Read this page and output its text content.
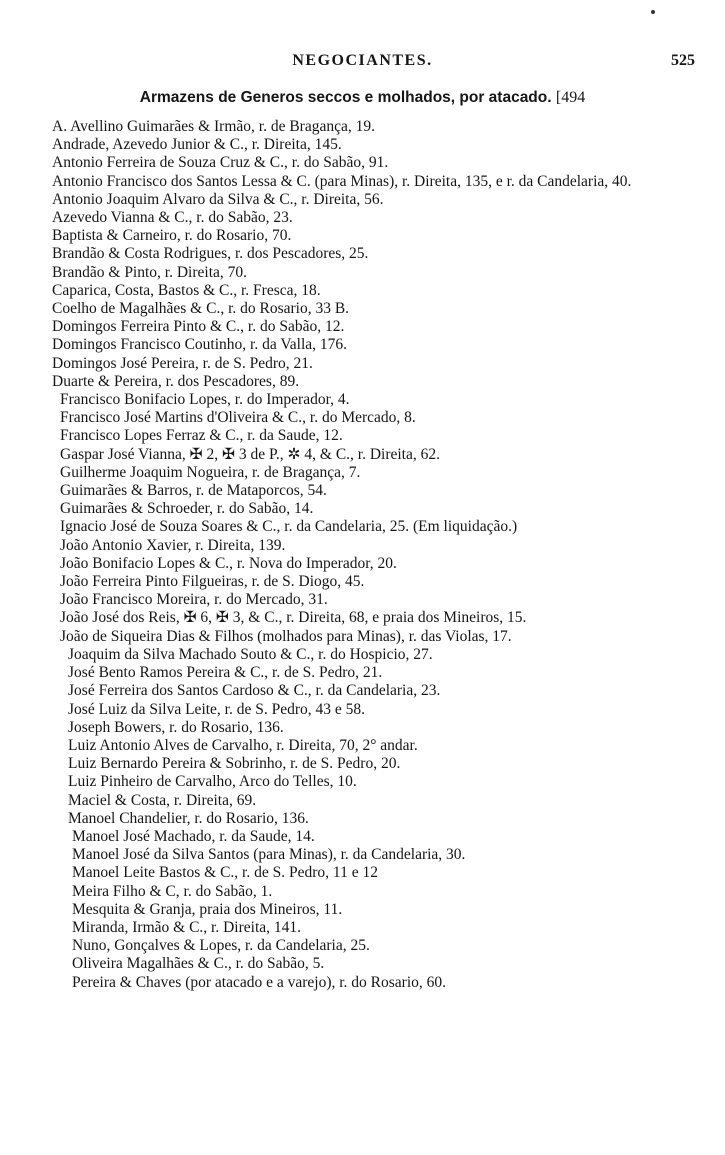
NEGOCIANTES.	525
Armazens de Generos seccos e molhados, por atacado. [494
A. Avellino Guimarães & Irmão, r. de Bragança, 19.
Andrade, Azevedo Junior & C., r. Direita, 145.
Antonio Ferreira de Souza Cruz & C., r. do Sabão, 91.
Antonio Francisco dos Santos Lessa & C. (para Minas), r. Direita, 135, e r. da Candelaria, 40.
Antonio Joaquim Alvaro da Silva & C., r. Direita, 56.
Azevedo Vianna & C., r. do Sabão, 23.
Baptista & Carneiro, r. do Rosario, 70.
Brandão & Costa Rodrigues, r. dos Pescadores, 25.
Brandão & Pinto, r. Direita, 70.
Caparica, Costa, Bastos & C., r. Fresca, 18.
Coelho de Magalhães & C., r. do Rosario, 33 B.
Domingos Ferreira Pinto & C., r. do Sabão, 12.
Domingos Francisco Coutinho, r. da Valla, 176.
Domingos José Pereira, r. de S. Pedro, 21.
Duarte & Pereira, r. dos Pescadores, 89.
Francisco Bonifacio Lopes, r. do Imperador, 4.
Francisco José Martins d'Oliveira & C., r. do Mercado, 8.
Francisco Lopes Ferraz & C., r. da Saude, 12.
Gaspar José Vianna, ✠ 2, ✠ 3 de P., ✲ 4, & C., r. Direita, 62.
Guilherme Joaquim Nogueira, r. de Bragança, 7.
Guimarães & Barros, r. de Mataporcos, 54.
Guimarães & Schroeder, r. do Sabão, 14.
Ignacio José de Souza Soares & C., r. da Candelaria, 25. (Em liquidação.)
João Antonio Xavier, r. Direita, 139.
João Bonifacio Lopes & C., r. Nova do Imperador, 20.
João Ferreira Pinto Filgueiras, r. de S. Diogo, 45.
João Francisco Moreira, r. do Mercado, 31.
João José dos Reis, ✠ 6, ✠ 3, & C., r. Direita, 68, e praia dos Mineiros, 15.
João de Siqueira Dias & Filhos (molhados para Minas), r. das Violas, 17.
Joaquim da Silva Machado Souto & C., r. do Hospicio, 27.
José Bento Ramos Pereira & C., r. de S. Pedro, 21.
José Ferreira dos Santos Cardoso & C., r. da Candelaria, 23.
José Luiz da Silva Leite, r. de S. Pedro, 43 e 58.
Joseph Bowers, r. do Rosario, 136.
Luiz Antonio Alves de Carvalho, r. Direita, 70, 2° andar.
Luiz Bernardo Pereira & Sobrinho, r. de S. Pedro, 20.
Luiz Pinheiro de Carvalho, Arco do Telles, 10.
Maciel & Costa, r. Direita, 69.
Manoel Chandelier, r. do Rosario, 136.
Manoel José Machado, r. da Saude, 14.
Manoel José da Silva Santos (para Minas), r. da Candelaria, 30.
Manoel Leite Bastos & C., r. de S. Pedro, 11 e 12
Meira Filho & C, r. do Sabão, 1.
Mesquita & Granja, praia dos Mineiros, 11.
Miranda, Irmão & C., r. Direita, 141.
Nuno, Gonçalves & Lopes, r. da Candelaria, 25.
Oliveira Magalhães & C., r. do Sabão, 5.
Pereira & Chaves (por atacado e a varejo), r. do Rosario, 60.
